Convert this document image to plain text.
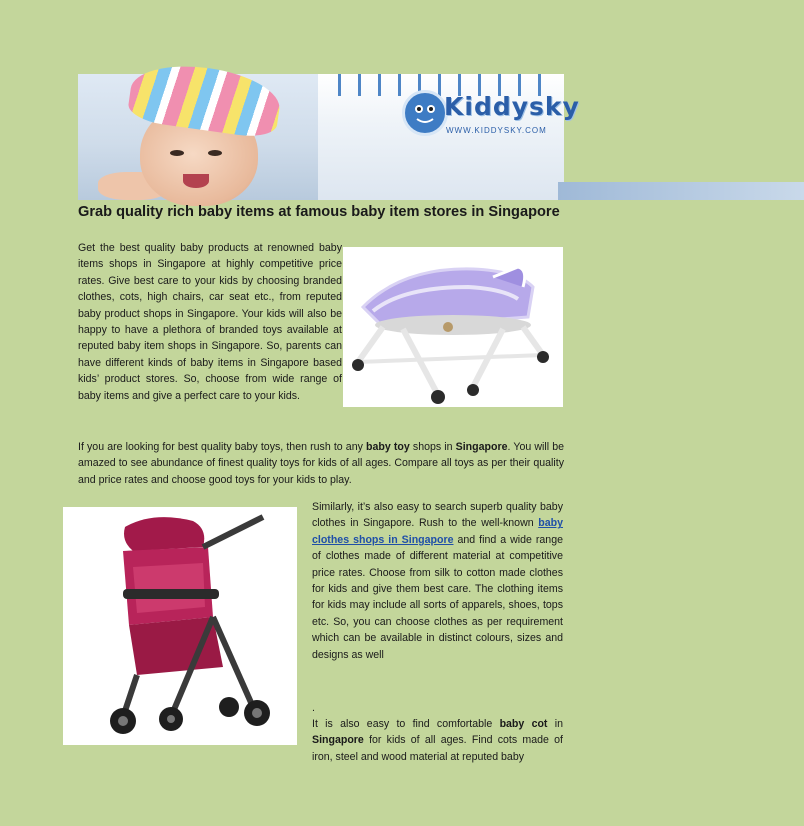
Kiddysky
WWW.KIDDYSKY.COM
Grab quality rich baby items at famous baby item stores in Singapore

Get the best quality baby products at renowned baby items shops in Singapore at highly competitive price rates. Give best care to your kids by choosing branded clothes, cots, high chairs, car seat etc., from reputed baby product shops in Singapore. Your kids will also be happy to have a plethora of branded toys available at reputed baby item shops in Singapore. So, parents can have different kinds of baby items in Singapore based kids’ product stores. So, choose from wide range of baby items and give a perfect care to your kids.

If you are looking for best quality baby toys, then rush to any baby toy shops in Singapore. You will be amazed to see abundance of finest quality toys for kids of all ages. Compare all toys as per their quality and price rates and choose good toys for your kids to play.

Similarly, it’s also easy to search superb quality baby clothes in Singapore. Rush to the well-known baby clothes shops in Singapore and find a wide range of clothes made of different material at competitive price rates. Choose from silk to cotton made clothes for kids and give them best care. The clothing items for kids may include all sorts of apparels, shoes, tops etc. So, you can choose clothes as per requirement which can be available in distinct colours, sizes and designs as well

.

It is also easy to find comfortable baby cot in Singapore for kids of all ages. Find cots made of iron, steel and wood material at reputed baby
